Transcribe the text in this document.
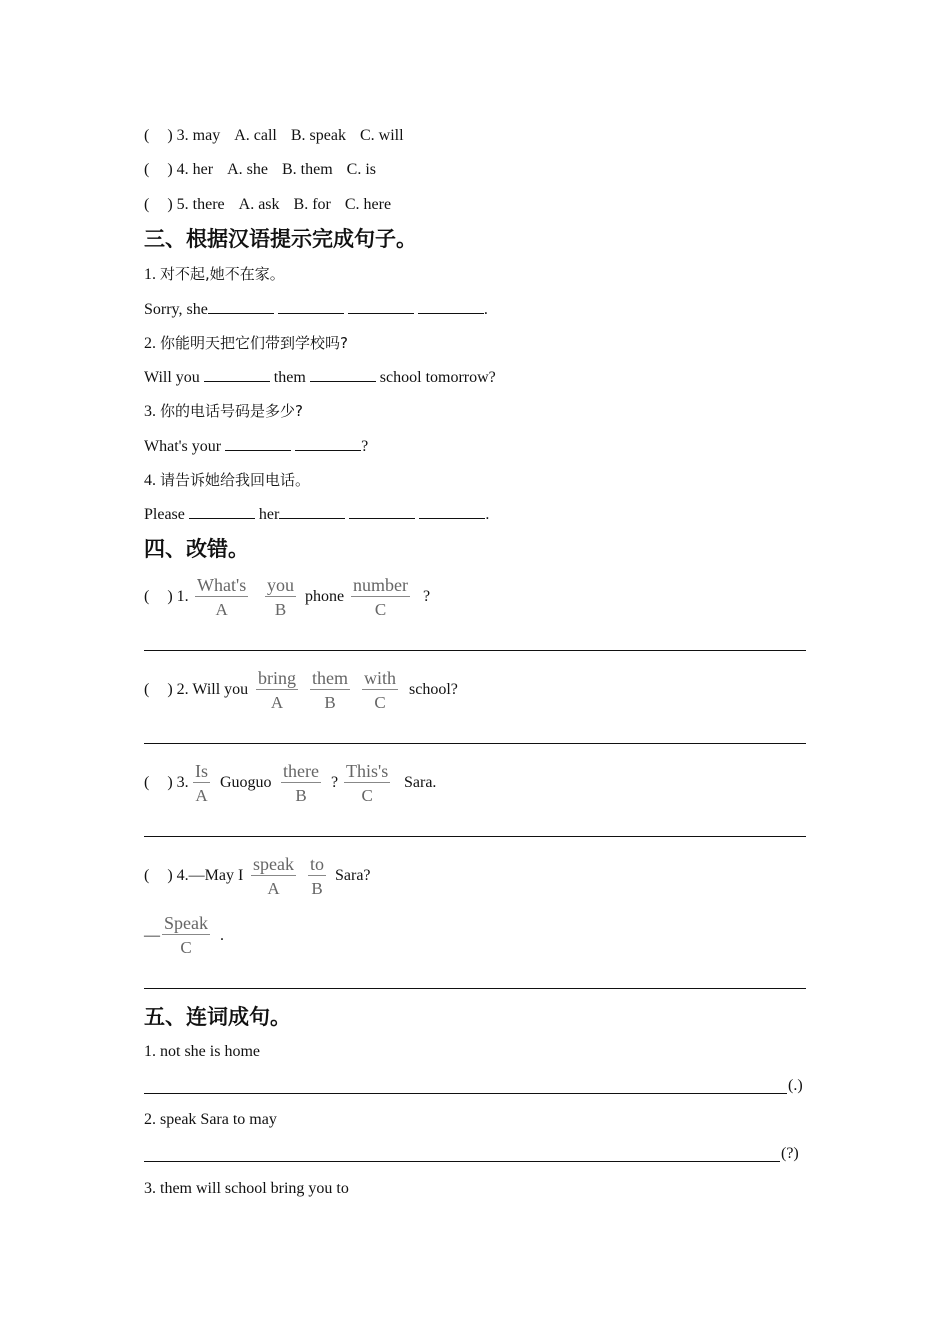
( ) 3. may A. call B. speak C. will
( ) 4. her A. she B. them C. is
( ) 5. there A. ask B. for C. here
三、根据汉语提示完成句子。
1. 对不起,她不在家。
Sorry, she	.
2. 你能明天把它们带到学校吗?
Will you	them	school tomorrow?
3. 你的电话号码是多少?
What's your	?
4. 请告诉她给我回电话。
Please	her	.
四、改错。
( ) 1.
What's
A
you
B
phone
number
C
?
( ) 2. Will you
bring
A
them
B
with
C
school?
( ) 3.
Is
A
Guoguo
there
B
?
This's
C
Sara.
( ) 4.—May I
speak
A
to
B
Sara?
—
Speak
C
.
五、连词成句。
1. not she is home
(.)
2. speak Sara to may
(?)
3. them will school bring you to
